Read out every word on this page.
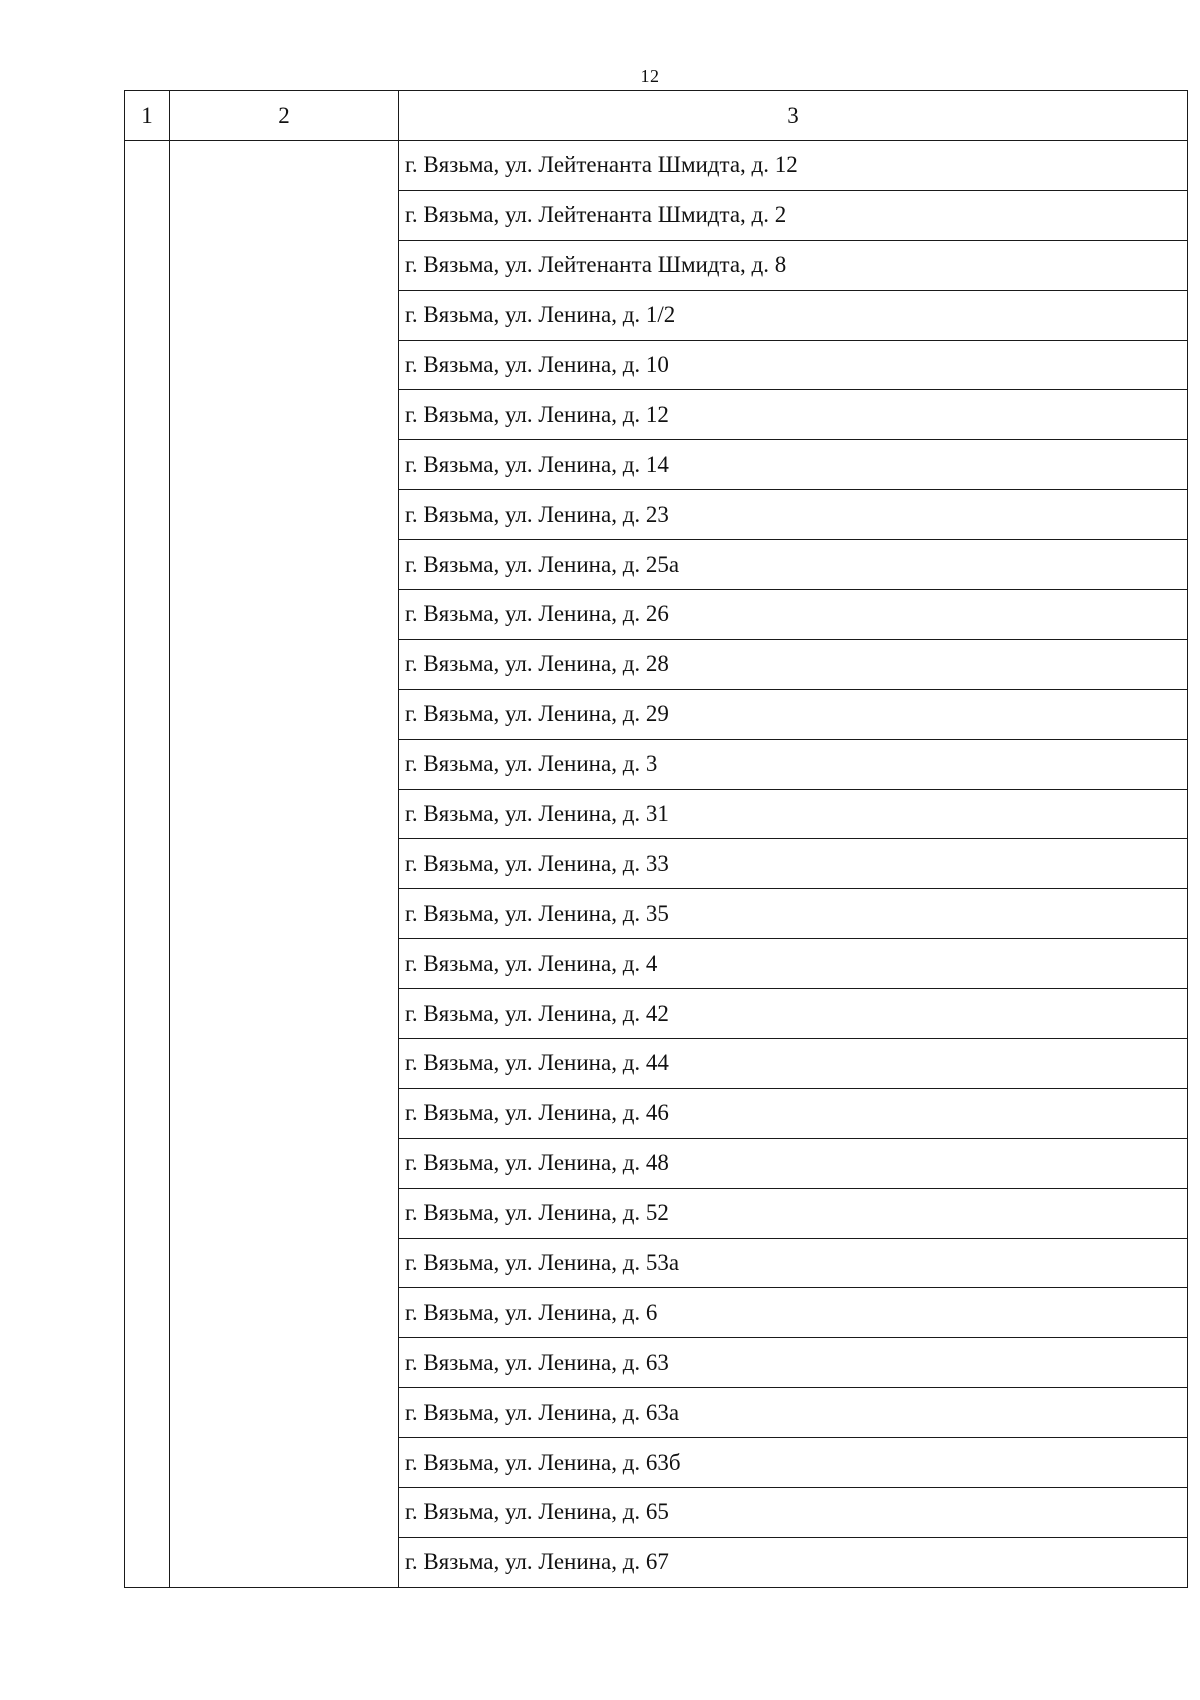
12
1	2	3
		г. Вязьма, ул. Лейтенанта Шмидта, д. 12
		г. Вязьма, ул. Лейтенанта Шмидта, д. 2
		г. Вязьма, ул. Лейтенанта Шмидта, д. 8
		г. Вязьма, ул. Ленина, д. 1/2
		г. Вязьма, ул. Ленина, д. 10
		г. Вязьма, ул. Ленина, д. 12
		г. Вязьма, ул. Ленина, д. 14
		г. Вязьма, ул. Ленина, д. 23
		г. Вязьма, ул. Ленина, д. 25а
		г. Вязьма, ул. Ленина, д. 26
		г. Вязьма, ул. Ленина, д. 28
		г. Вязьма, ул. Ленина, д. 29
		г. Вязьма, ул. Ленина, д. 3
		г. Вязьма, ул. Ленина, д. 31
		г. Вязьма, ул. Ленина, д. 33
		г. Вязьма, ул. Ленина, д. 35
		г. Вязьма, ул. Ленина, д. 4
		г. Вязьма, ул. Ленина, д. 42
		г. Вязьма, ул. Ленина, д. 44
		г. Вязьма, ул. Ленина, д. 46
		г. Вязьма, ул. Ленина, д. 48
		г. Вязьма, ул. Ленина, д. 52
		г. Вязьма, ул. Ленина, д. 53а
		г. Вязьма, ул. Ленина, д. 6
		г. Вязьма, ул. Ленина, д. 63
		г. Вязьма, ул. Ленина, д. 63а
		г. Вязьма, ул. Ленина, д. 63б
		г. Вязьма, ул. Ленина, д. 65
		г. Вязьма, ул. Ленина, д. 67
